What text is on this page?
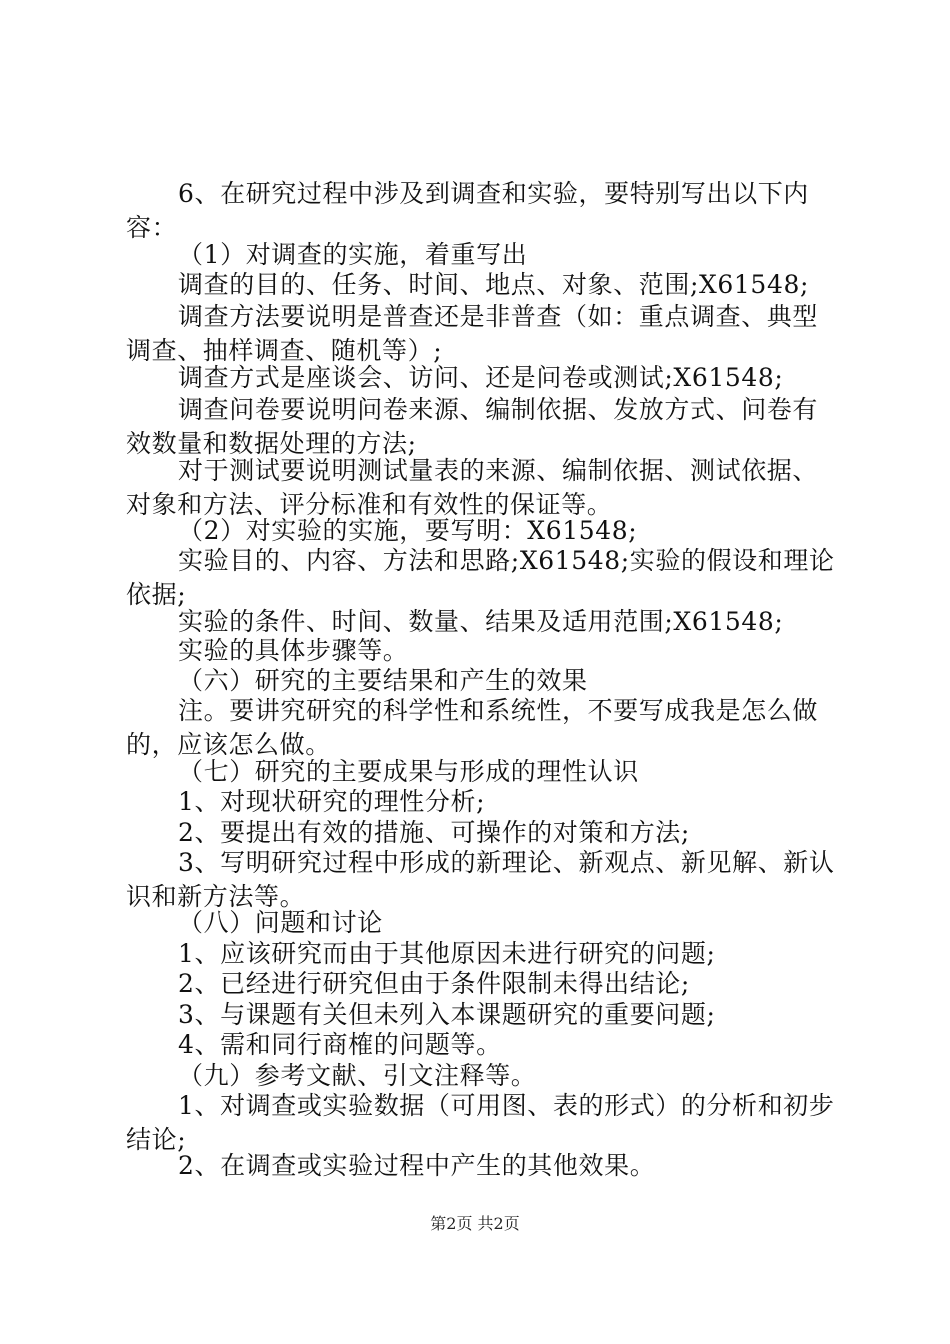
6、在研究过程中涉及到调查和实验，要特别写出以下内容：

（1）对调查的实施，着重写出

调查的目的、任务、时间、地点、对象、范围;X61548;

调查方法要说明是普查还是非普查（如：重点调查、典型调查、抽样调查、随机等）;

调查方式是座谈会、访问、还是问卷或测试;X61548;

调查问卷要说明问卷来源、编制依据、发放方式、问卷有效数量和数据处理的方法;

对于测试要说明测试量表的来源、编制依据、测试依据、对象和方法、评分标准和有效性的保证等。

（2）对实验的实施，要写明：X61548;

实验目的、内容、方法和思路;X61548;实验的假设和理论依据;

实验的条件、时间、数量、结果及适用范围;X61548;

实验的具体步骤等。

（六）研究的主要结果和产生的效果

注。要讲究研究的科学性和系统性，不要写成我是怎么做的，应该怎么做。

（七）研究的主要成果与形成的理性认识

1、对现状研究的理性分析;

2、要提出有效的措施、可操作的对策和方法;

3、写明研究过程中形成的新理论、新观点、新见解、新认识和新方法等。

（八）问题和讨论

1、应该研究而由于其他原因未进行研究的问题;

2、已经进行研究但由于条件限制未得出结论;

3、与课题有关但未列入本课题研究的重要问题;

4、需和同行商榷的问题等。

（九）参考文献、引文注释等。

1、对调查或实验数据（可用图、表的形式）的分析和初步结论;

2、在调查或实验过程中产生的其他效果。

第2页 共2页
